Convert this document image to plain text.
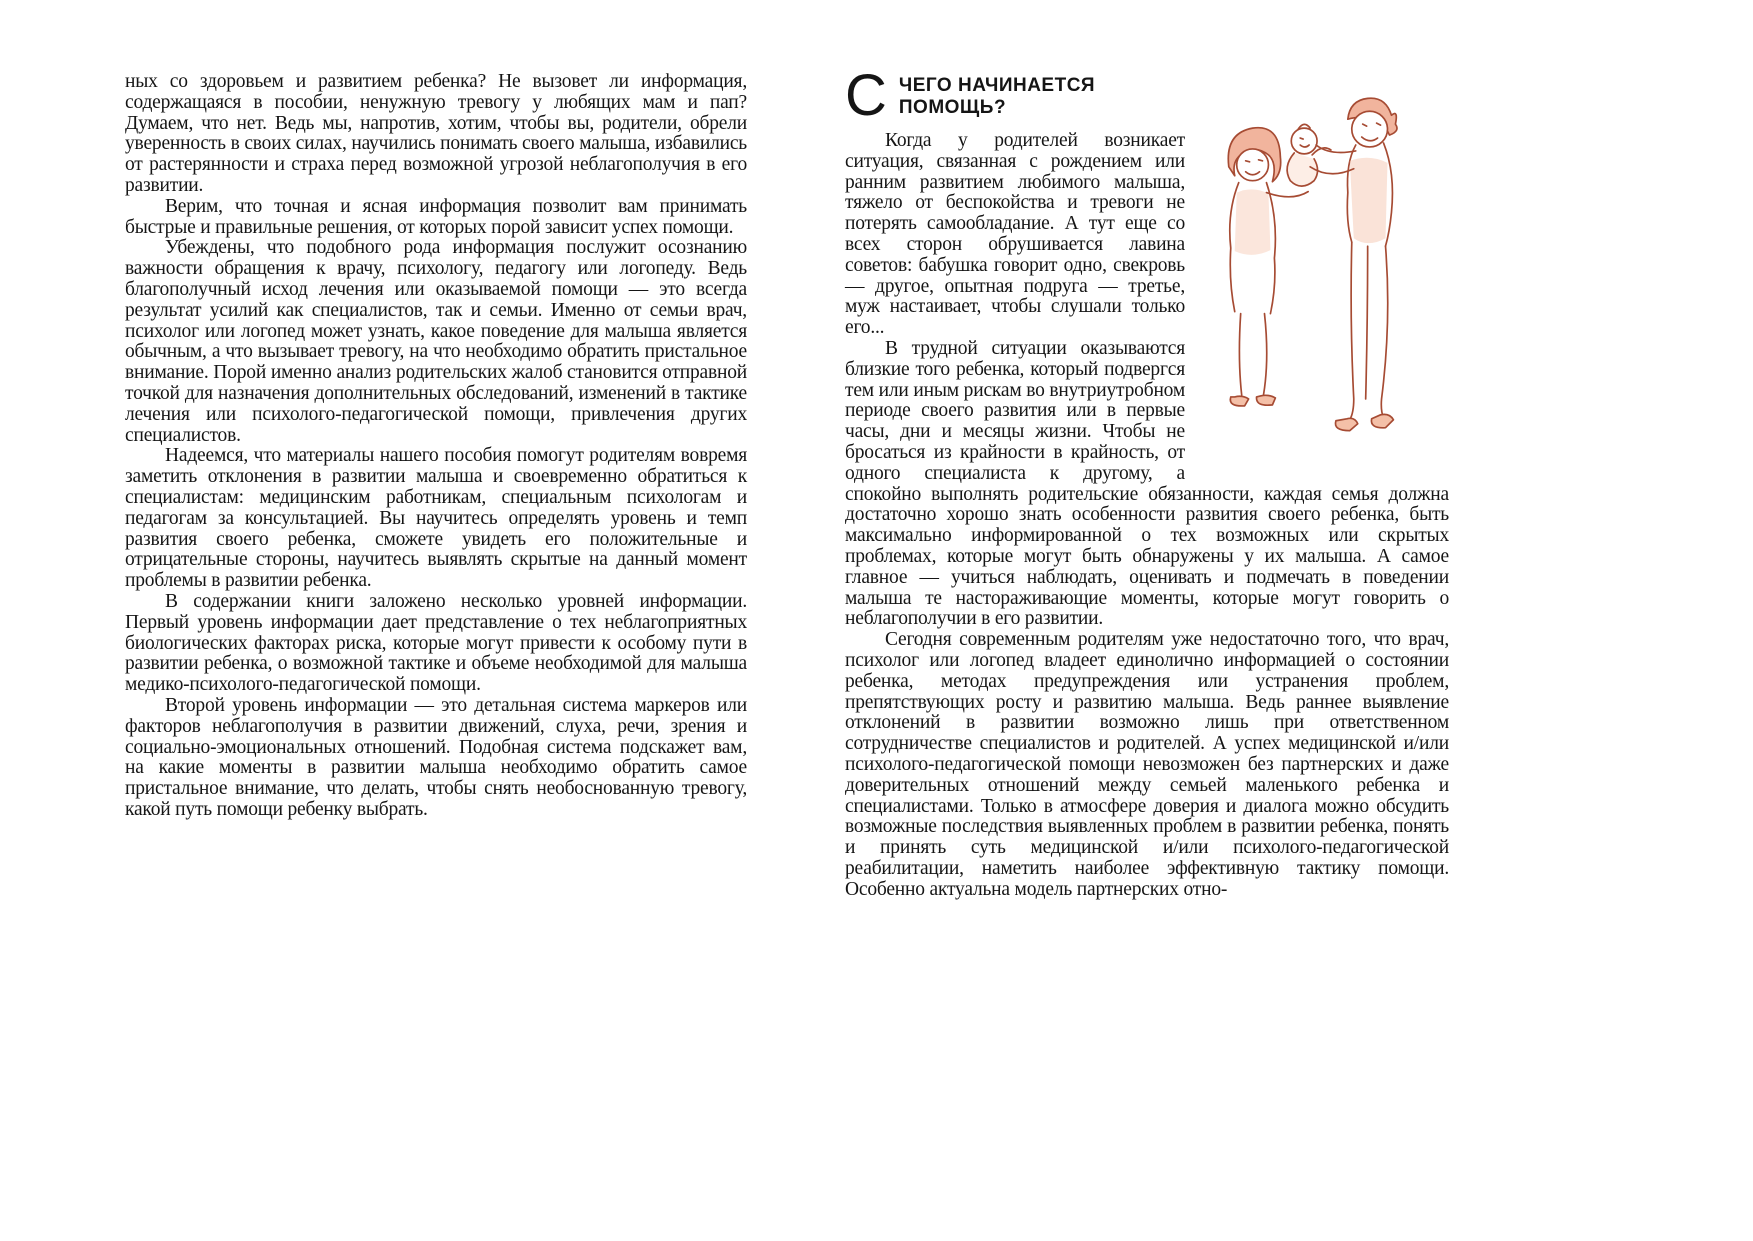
ных со здоровьем и развитием ребенка? Не вызовет ли информация, содержащаяся в пособии, ненужную тревогу у любящих мам и пап? Думаем, что нет. Ведь мы, напротив, хотим, чтобы вы, родители, обрели уверенность в своих силах, научились понимать своего малыша, избавились от растерянности и страха перед возможной угрозой неблагополучия в его развитии.

Верим, что точная и ясная информация позволит вам принимать быстрые и правильные решения, от которых порой зависит успех помощи.

Убеждены, что подобного рода информация послужит осознанию важности обращения к врачу, психологу, педагогу или логопеду. Ведь благополучный исход лечения или оказываемой помощи — это всегда результат усилий как специалистов, так и семьи. Именно от семьи врач, психолог или логопед может узнать, какое поведение для малыша является обычным, а что вызывает тревогу, на что необходимо обратить пристальное внимание. Порой именно анализ родительских жалоб становится отправной точкой для назначения дополнительных обследований, изменений в тактике лечения или психолого-педагогической помощи, привлечения других специалистов.

Надеемся, что материалы нашего пособия помогут родителям вовремя заметить отклонения в развитии малыша и своевременно обратиться к специалистам: медицинским работникам, специальным психологам и педагогам за консультацией. Вы научитесь определять уровень и темп развития своего ребенка, сможете увидеть его положительные и отрицательные стороны, научитесь выявлять скрытые на данный момент проблемы в развитии ребенка.

В содержании книги заложено несколько уровней информации. Первый уровень информации дает представление о тех неблагоприятных биологических факторах риска, которые могут привести к особому пути в развитии ребенка, о возможной тактике и объеме необходимой для малыша медико-психолого-педагогической помощи.

Второй уровень информации — это детальная система маркеров или факторов неблагополучия в развитии движений, слуха, речи, зрения и социально-эмоциональных отношений. Подобная система подскажет вам, на какие моменты в развитии малыша необходимо обратить самое пристальное внимание, что делать, чтобы снять необоснованную тревогу, какой путь помощи ребенку выбрать.

С ЧЕГО НАЧИНАЕТСЯ ПОМОЩЬ?

Когда у родителей возникает ситуация, связанная с рождением или ранним развитием любимого малыша, тяжело от беспокойства и тревоги не потерять самообладание. А тут еще со всех сторон обрушивается лавина советов: бабушка говорит одно, свекровь — другое, опытная подруга — третье, муж настаивает, чтобы слушали только его...

В трудной ситуации оказываются близкие того ребенка, который подвергся тем или иным рискам во внутриутробном периоде своего развития или в первые часы, дни и месяцы жизни. Чтобы не бросаться из крайности в крайность, от одного специалиста к другому, а спокойно выполнять родительские обязанности, каждая семья должна достаточно хорошо знать особенности развития своего ребенка, быть максимально информированной о тех возможных или скрытых проблемах, которые могут быть обнаружены у их малыша. А самое главное — учиться наблюдать, оценивать и подмечать в поведении малыша те настораживающие моменты, которые могут говорить о неблагополучии в его развитии.

Сегодня современным родителям уже недостаточно того, что врач, психолог или логопед владеет единолично информацией о состоянии ребенка, методах предупреждения или устранения проблем, препятствующих росту и развитию малыша. Ведь раннее выявление отклонений в развитии возможно лишь при ответственном сотрудничестве специалистов и родителей. А успех медицинской и/или психолого-педагогической помощи невозможен без партнерских и даже доверительных отношений между семьей маленького ребенка и специалистами. Только в атмосфере доверия и диалога можно обсудить возможные последствия выявленных проблем в развитии ребенка, понять и принять суть медицинской и/или психолого-педагогической реабилитации, наметить наиболее эффективную тактику помощи. Особенно актуальна модель партнерских отно-
